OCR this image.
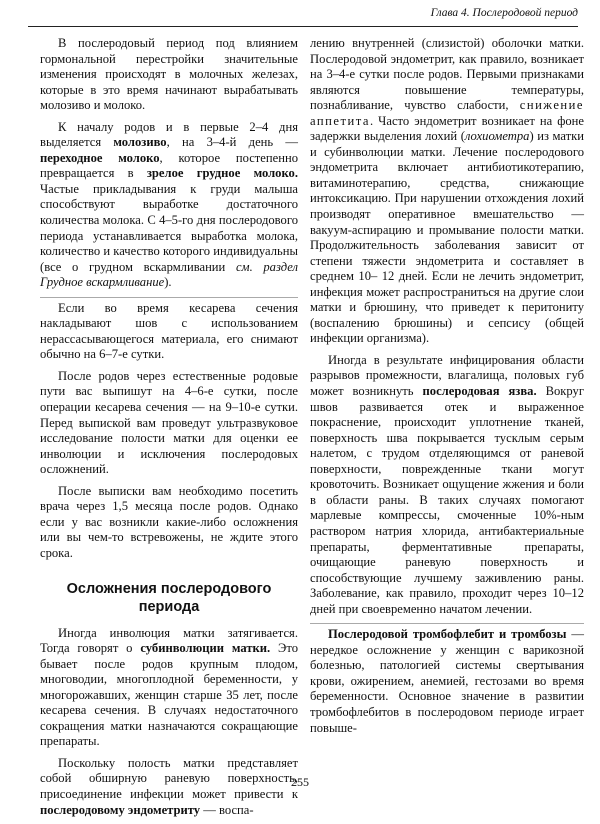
Глава 4. Послеродовой период

В послеродовый период под влиянием гормональной перестройки значительные изменения происходят в молочных железах, которые в это время начинают вырабатывать молозиво и молоко.

К началу родов и в первые 2–4 дня выделяется молозиво, на 3–4-й день — переходное молоко, которое постепенно превращается в зрелое грудное молоко. Частые прикладывания к груди малыша способствуют выработке достаточного количества молока. С 4–5-го дня послеродового периода устанавливается выработка молока, количество и качество которого индивидуальны (все о грудном вскармливании см. раздел Грудное вскармливание).

Если во время кесарева сечения накладывают шов с использованием нерассасывающегося материала, его снимают обычно на 6–7-е сутки.

После родов через естественные родовые пути вас выпишут на 4–6-е сутки, после операции кесарева сечения — на 9–10-е сутки. Перед выпиской вам проведут ультразвуковое исследование полости матки для оценки ее инволюции и исключения послеродовых осложнений.

После выписки вам необходимо посетить врача через 1,5 месяца после родов. Однако если у вас возникли какие-либо осложнения или вы чем-то встревожены, не ждите этого срока.

Осложнения послеродового периода

Иногда инволюция матки затягивается. Тогда говорят о субинволюции матки. Это бывает после родов крупным плодом, многоводии, многоплодной беременности, у многорожавших, женщин старше 35 лет, после кесарева сечения. В случаях недостаточного сокращения матки назначаются сокращающие препараты.

Поскольку полость матки представляет собой обширную раневую поверхность, присоединение инфекции может привести к послеродовому эндометриту — воспа-

лению внутренней (слизистой) оболочки матки. Послеродовой эндометрит, как правило, возникает на 3–4-е сутки после родов. Первыми признаками являются повышение температуры, познабливание, чувство слабости, снижение аппетита. Часто эндометрит возникает на фоне задержки выделения лохий (лохиометра) из матки и субинволюции матки. Лечение послеродового эндометрита включает антибиотикотерапию, витаминотерапию, средства, снижающие интоксикацию. При нарушении отхождения лохий производят оперативное вмешательство — вакуум-аспирацию и промывание полости матки. Продолжительность заболевания зависит от степени тяжести эндометрита и составляет в среднем 10– 12 дней. Если не лечить эндометрит, инфекция может распространиться на другие слои матки и брюшину, что приведет к перитониту (воспалению брюшины) и сепсису (общей инфекции организма).

Иногда в результате инфицирования области разрывов промежности, влагалища, половых губ может возникнуть послеродовая язва. Вокруг швов развивается отек и выраженное покраснение, происходит уплотнение тканей, поверхность шва покрывается тусклым серым налетом, с трудом отделяющимся от раневой поверхности, поврежденные ткани могут кровоточить. Возникает ощущение жжения и боли в области раны. В таких случаях помогают марлевые компрессы, смоченные 10%-ным раствором натрия хлорида, антибактериальные препараты, ферментативные препараты, очищающие раневую поверхность и способствующие лучшему заживлению раны. Заболевание, как правило, проходит через 10–12 дней при своевременно начатом лечении.

Послеродовой тромбофлебит и тромбозы — нередкое осложнение у женщин с варикозной болезнью, патологией системы свертывания крови, ожирением, анемией, гестозами во время беременности. Основное значение в развитии тромбофлебитов в послеродовом периоде играет повыше-

255
